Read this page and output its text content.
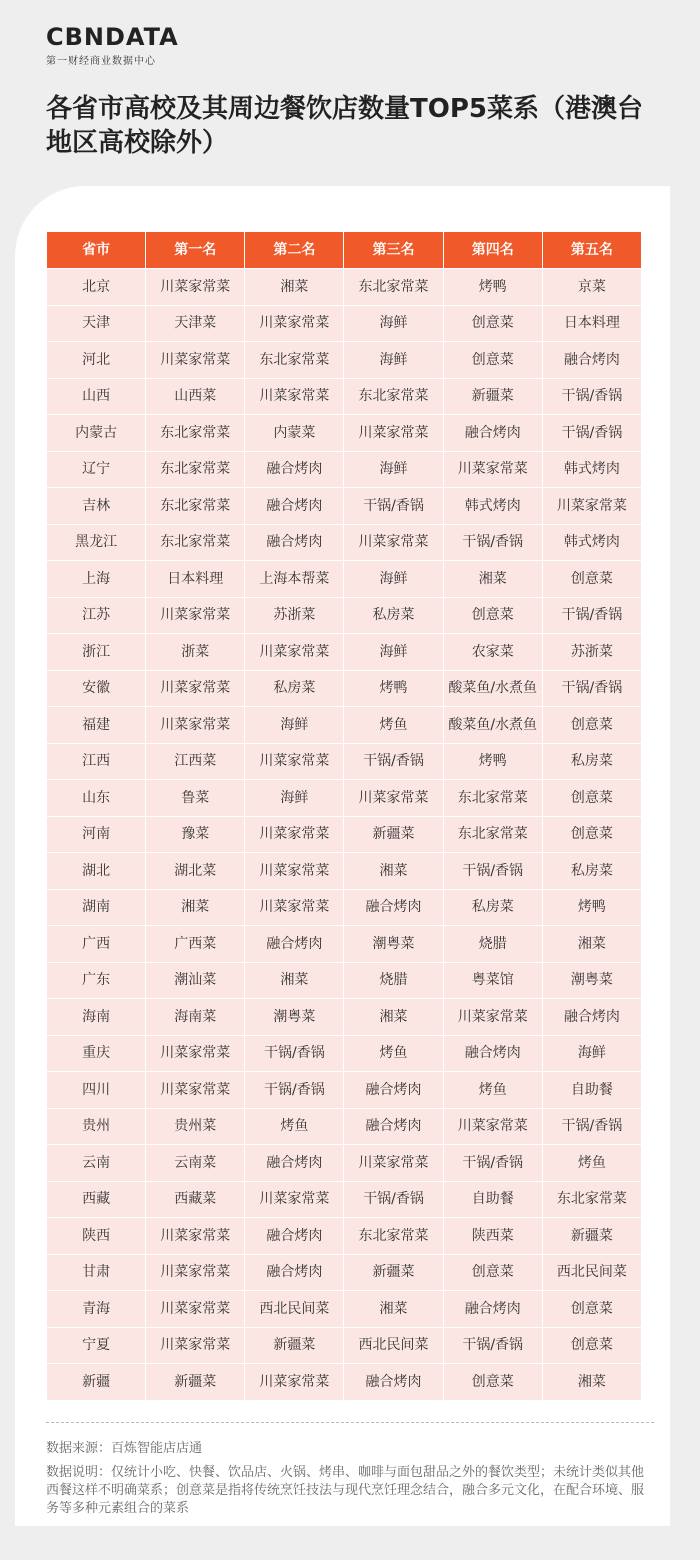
CBNDATA
第一财经商业数据中心
各省市高校及其周边餐饮店数量TOP5菜系（港澳台地区高校除外）
省市	第一名	第二名	第三名	第四名	第五名
北京	川菜家常菜	湘菜	东北家常菜	烤鸭	京菜
天津	天津菜	川菜家常菜	海鲜	创意菜	日本料理
河北	川菜家常菜	东北家常菜	海鲜	创意菜	融合烤肉
山西	山西菜	川菜家常菜	东北家常菜	新疆菜	干锅/香锅
内蒙古	东北家常菜	内蒙菜	川菜家常菜	融合烤肉	干锅/香锅
辽宁	东北家常菜	融合烤肉	海鲜	川菜家常菜	韩式烤肉
吉林	东北家常菜	融合烤肉	干锅/香锅	韩式烤肉	川菜家常菜
黑龙江	东北家常菜	融合烤肉	川菜家常菜	干锅/香锅	韩式烤肉
上海	日本料理	上海本帮菜	海鲜	湘菜	创意菜
江苏	川菜家常菜	苏浙菜	私房菜	创意菜	干锅/香锅
浙江	浙菜	川菜家常菜	海鲜	农家菜	苏浙菜
安徽	川菜家常菜	私房菜	烤鸭	酸菜鱼/水煮鱼	干锅/香锅
福建	川菜家常菜	海鲜	烤鱼	酸菜鱼/水煮鱼	创意菜
江西	江西菜	川菜家常菜	干锅/香锅	烤鸭	私房菜
山东	鲁菜	海鲜	川菜家常菜	东北家常菜	创意菜
河南	豫菜	川菜家常菜	新疆菜	东北家常菜	创意菜
湖北	湖北菜	川菜家常菜	湘菜	干锅/香锅	私房菜
湖南	湘菜	川菜家常菜	融合烤肉	私房菜	烤鸭
广西	广西菜	融合烤肉	潮粤菜	烧腊	湘菜
广东	潮汕菜	湘菜	烧腊	粤菜馆	潮粤菜
海南	海南菜	潮粤菜	湘菜	川菜家常菜	融合烤肉
重庆	川菜家常菜	干锅/香锅	烤鱼	融合烤肉	海鲜
四川	川菜家常菜	干锅/香锅	融合烤肉	烤鱼	自助餐
贵州	贵州菜	烤鱼	融合烤肉	川菜家常菜	干锅/香锅
云南	云南菜	融合烤肉	川菜家常菜	干锅/香锅	烤鱼
西藏	西藏菜	川菜家常菜	干锅/香锅	自助餐	东北家常菜
陕西	川菜家常菜	融合烤肉	东北家常菜	陕西菜	新疆菜
甘肃	川菜家常菜	融合烤肉	新疆菜	创意菜	西北民间菜
青海	川菜家常菜	西北民间菜	湘菜	融合烤肉	创意菜
宁夏	川菜家常菜	新疆菜	西北民间菜	干锅/香锅	创意菜
新疆	新疆菜	川菜家常菜	融合烤肉	创意菜	湘菜
数据来源：百炼智能店店通
数据说明：仅统计小吃、快餐、饮品店、火锅、烤串、咖啡与面包甜品之外的餐饮类型；未统计类似其他西餐这样不明确菜系；创意菜是指将传统烹饪技法与现代烹饪理念结合，融合多元文化，在配合环境、服务等多种元素组合的菜系
